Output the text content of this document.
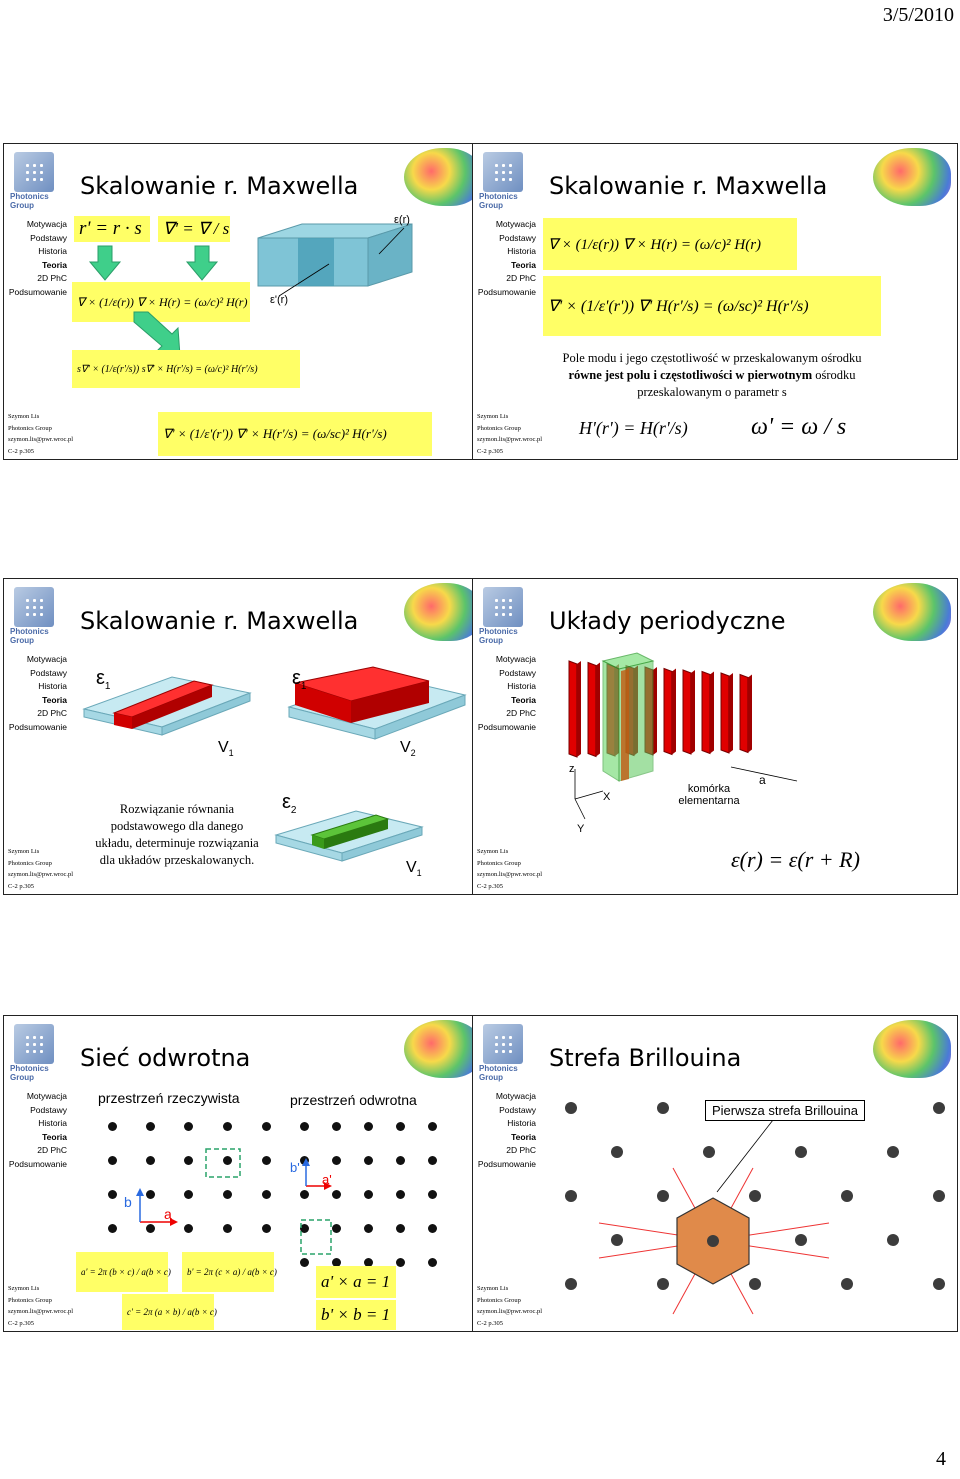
3/5/2010
Photonics Group
Skalowanie r. Maxwella
Motywacja
Podstawy
Historia
Teoria
2D PhC
Podsumowanie
Szymon Lis
Photonics Group
szymon.lis@pwr.wroc.pl
C-2 p.305
r' = r · s	∇' = ∇ / s
∇ × (1/ε(r)) ∇ × H(r) = (ω/c)² H(r)
ε(r)
ε'(r)
s∇' × (1/ε(r'/s)) s∇' × H(r'/s) = (ω/c)² H(r'/s)
∇' × (1/ε'(r')) ∇' × H(r'/s) = (ω/sc)² H(r'/s)
Photonics Group
Skalowanie r. Maxwella
Motywacja
Podstawy
Historia
Teoria
2D PhC
Podsumowanie
Szymon Lis
Photonics Group
szymon.lis@pwr.wroc.pl
C-2 p.305
∇ × (1/ε(r)) ∇ × H(r) = (ω/c)² H(r)
∇' × (1/ε'(r')) ∇' H(r'/s) = (ω/sc)² H(r'/s)
Pole modu i jego częstotliwość w przeskalowanym ośrodku równe jest polu i częstotliwości w pierwotnym ośrodku przeskalowanym o parametr s
H'(r') = H(r'/s)	ω' = ω / s
Photonics Group
Skalowanie r. Maxwella
Motywacja
Podstawy
Historia
Teoria
2D PhC
Podsumowanie
Szymon Lis
Photonics Group
szymon.lis@pwr.wroc.pl
C-2 p.305
$\varepsilon_1$
$V_1$
$\varepsilon_1$
$V_2$
Rozwiązanie równania podstawowego dla danego układu, determinuje rozwiązania dla układów przeskalowanych.
$\varepsilon_2$
$V_1$
Photonics Group
Układy periodyczne
Motywacja
Podstawy
Historia
Teoria
2D PhC
Podsumowanie
Szymon Lis
Photonics Group
szymon.lis@pwr.wroc.pl
C-2 p.305
z
X
Y
komórka elementarna
a
ε(r) = ε(r + R)
Photonics Group
Sieć odwrotna
Motywacja
Podstawy
Historia
Teoria
2D PhC
Podsumowanie
Szymon Lis
Photonics Group
szymon.lis@pwr.wroc.pl
C-2 p.305
przestrzeń rzeczywista	przestrzeń odwrotna
a
b
a'
b'
a' = 2π (b × c) / a(b × c)	b' = 2π (c × a) / a(b × c)
c' = 2π (a × b) / a(b × c)
a' × a = 1
b' × b = 1
Photonics Group
Strefa Brillouina
Motywacja
Podstawy
Historia
Teoria
2D PhC
Podsumowanie
Szymon Lis
Photonics Group
szymon.lis@pwr.wroc.pl
C-2 p.305
Pierwsza strefa Brillouina
4
